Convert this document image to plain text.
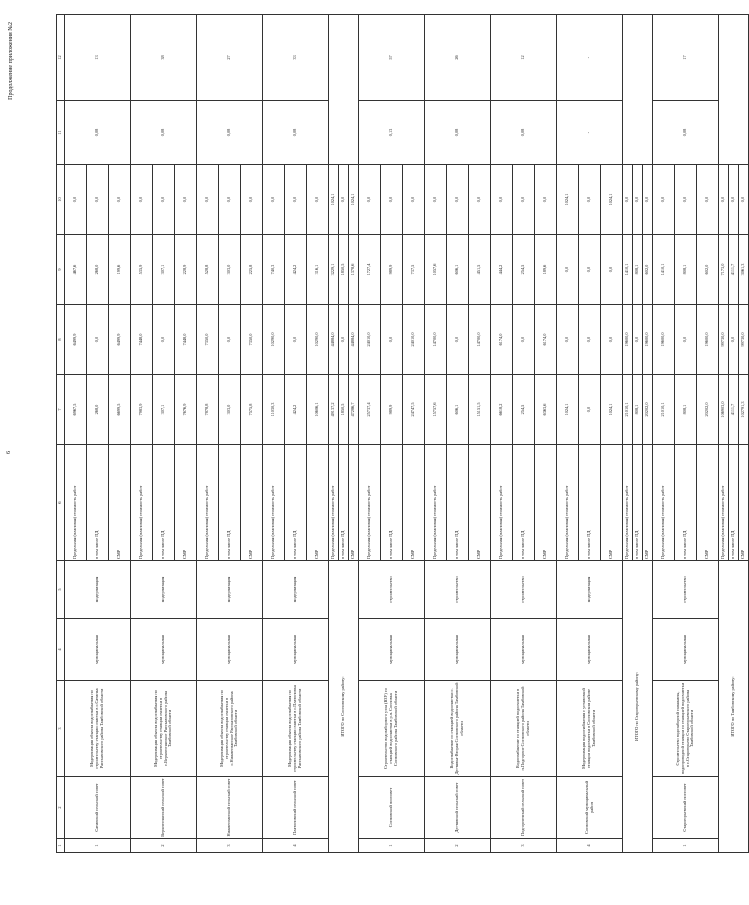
6
Продолжение приложения №2
1	2	3	4	5	6	7	8	9	10	11	12
1	Сатинский сельский совет	Модернизация объекта водоснабжения по строительству станции очистки в с.Сатинка Рассказовского района Тамбовской области	муниципальная	модернизация	Предельная (плановая) стоимость работ	6967,5	6499,9	467,6	0,0	0,08	13
					в том числе ПД	268,0	0,0	268,0	0,0		
					СМР	6699,5	6499,9	199,6	0,0		
2	Верхнеспасский сельский совет	Модернизация объекта водоснабжения по строительству станции очистки в с.Верхнеспасское Рассказовского района Тамбовской области	муниципальная	модернизация	Предельная (плановая) стоимость работ	7983,9	7448,0	535,9	0,0	0,08	38
					в том числе ПД	307,1	0,0	307,1	0,0		
					СМР	7676,9	7448,0	228,9	0,0		
3	Нижнеспасский сельский совет	Модернизация объекта водоснабжения по строительству станции очистки в с.Нижнеспасское Рассказовского района Тамбовской области	муниципальная	модернизация	Предельная (плановая) стоимость работ	7878,8	7350,0	528,8	0,0	0,08	27
					в том числе ПД	303,0	0,0	303,0	0,0		
					СМР	7575,8	7350,0	225,8	0,0		
4	Платоновский сельский совет	Модернизация объекта водоснабжения по строительству станции очистки в с.Платоновка Рассказовского района Тамбовской области	муниципальная	модернизация	Предельная (плановая) стоимость работ	11030,3	10290,0	740,3	0,0	0,08	33
					в том числе ПД	424,2	0,0	424,2	0,0		
					СМР	10606,1	10290,0	316,1	0,0		
ИТОГО по Сосновскому району:					Предельная (плановая) стоимость работ	49137,2	44884,0	3229,1	1024,1		
					в том числе ПД	1850,5	0,0	1850,5	0,0		
					СМР	47286,7	44884,0	1378,6	1024,1		
1	Сосновский поссовет	Строительство водозаборного узла (ВЗУ) со станцией водоочистки в р.п. Сосновка Сосновского района Тамбовской области	муниципальная	строительство	Предельная (плановая) стоимость работ	25737,4	24010,0	1727,4	0,0	0,13	57
					в том числе ПД	989,9	0,0	989,9	0,0		
					СМР	24747,5	24010,0	737,5	0,0		
2	Дегтянский сельский совет	Водоснабжение со станцией водоочистки с. Дегтянка-Вторая Сосновского района Тамбовской области	муниципальная	строительство	Предельная (плановая) стоимость работ	15757,6	14700,0	1057,6	0,0	0,08	26
					в том числе ПД	606,1	0,0	606,1	0,0		
					СМР	15151,5	14700,0	451,5	0,0		
3	Подгорненский сельский совет	Водоснабжение со станцией водоочистки в п.Подгорное Сосновского района Тамбовской области	муниципальная	строительство	Предельная (плановая) стоимость работ	6618,2	6174,0	444,2	0,0	0,08	12
					в том числе ПД	254,5	0,0	254,5	0,0		
					СМР	6363,6	6174,0	189,6	0,0		
4	Сосновский муниципальный район	Модернизация водоснабжения с установкой станции водоочистки в Сосновском районе Тамбовской области	муниципальная	модернизация	Предельная (плановая) стоимость работ	1024,1	0,0	0,0	1024,1	-	-
					в том числе ПД	0,0	0,0	0,0	0,0		
					СМР	1024,1	0,0	0,0	1024,1		
ИТОГО по Староюрьевскому району:					Предельная (плановая) стоимость работ	21010,1	19600,0	1410,1	0,0		
					в том числе ПД	808,1	0,0	808,1	0,0		
					СМР	20202,0	19600,0	602,0	0,0		
1	Староюрьевский поссовет	Строительство водозаборной скважины, водопроводной станции со станцией водоочистки в с.Староюрьево Староюрьевского района Тамбовской области	муниципальная	строительство	Предельная (плановая) стоимость работ	21010,1	19600,0	1410,1	0,0	0,08	17
					в том числе ПД	808,1	0,0	808,1	0,0		
					СМР	20202,0	19600,0	602,0	0,0		
ИТОГО по Тамбовскому району:					Предельная (плановая) стоимость работ	106903,0	99730,0	7173,0	0,0		
					в том числе ПД	4111,7	0,0	4111,7	0,0		
					СМР	102791,3	99730,0	3061,3	0,0		
